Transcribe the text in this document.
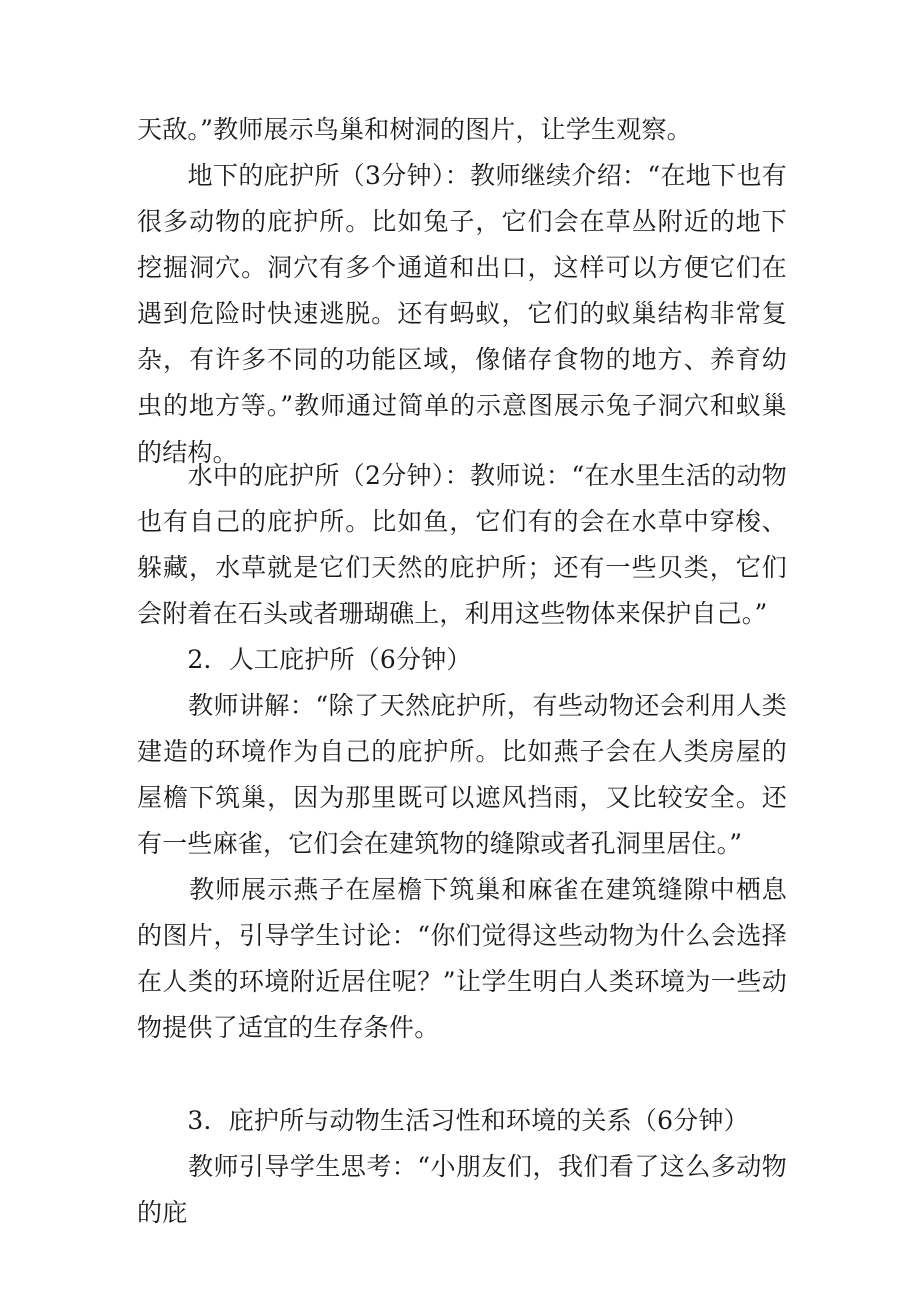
天敌。”教师展示鸟巢和树洞的图片，让学生观察。

　　地下的庇护所（3分钟）：教师继续介绍：“在地下也有很多动物的庇护所。比如兔子，它们会在草丛附近的地下挖掘洞穴。洞穴有多个通道和出口，这样可以方便它们在遇到危险时快速逃脱。还有蚂蚁，它们的蚁巢结构非常复杂，有许多不同的功能区域，像储存食物的地方、养育幼虫的地方等。”教师通过简单的示意图展示兔子洞穴和蚁巢的结构。

　　水中的庇护所（2分钟）：教师说：“在水里生活的动物也有自己的庇护所。比如鱼，它们有的会在水草中穿梭、躲藏，水草就是它们天然的庇护所；还有一些贝类，它们会附着在石头或者珊瑚礁上，利用这些物体来保护自己。”

　　2．人工庇护所（6分钟）

　　教师讲解：“除了天然庇护所，有些动物还会利用人类建造的环境作为自己的庇护所。比如燕子会在人类房屋的屋檐下筑巢，因为那里既可以遮风挡雨，又比较安全。还有一些麻雀，它们会在建筑物的缝隙或者孔洞里居住。”

　　教师展示燕子在屋檐下筑巢和麻雀在建筑缝隙中栖息的图片，引导学生讨论：“你们觉得这些动物为什么会选择在人类的环境附近居住呢？”让学生明白人类环境为一些动物提供了适宜的生存条件。

　　3．庇护所与动物生活习性和环境的关系（6分钟）

　　教师引导学生思考：“小朋友们，我们看了这么多动物的庇
